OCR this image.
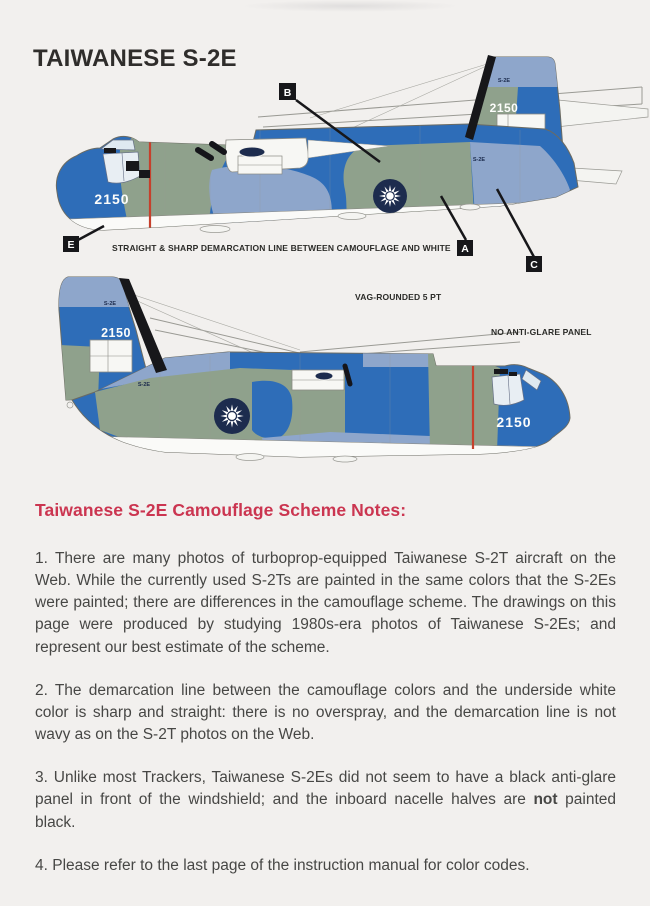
TAIWANESE S-2E
2150
2150
S-2E
S-2E
B
A
C
E
2150
2150
S-2E
S-2E
STRAIGHT & SHARP DEMARCATION LINE BETWEEN CAMOUFLAGE AND WHITE
VAG-ROUNDED 5 PT
NO ANTI-GLARE PANEL
Taiwanese S-2E Camouflage Scheme Notes:

1. There are many photos of turboprop-equipped Taiwanese S-2T aircraft on the Web. While the currently used S-2Ts are painted in the same colors that the S-2Es were painted; there are differences in the camouflage scheme. The drawings on this page were produced by studying 1980s-era photos of Taiwanese S-2Es; and represent our best estimate of the scheme.

2. The demarcation line between the camouflage colors and the underside white color is sharp and straight: there is no overspray, and the demarcation line is not wavy as on the S-2T photos on the Web.

3. Unlike most Trackers, Taiwanese S-2Es did not seem to have a black anti-glare panel in front of the windshield; and the inboard nacelle halves are not painted black.

4. Please refer to the last page of the instruction manual for color codes.
